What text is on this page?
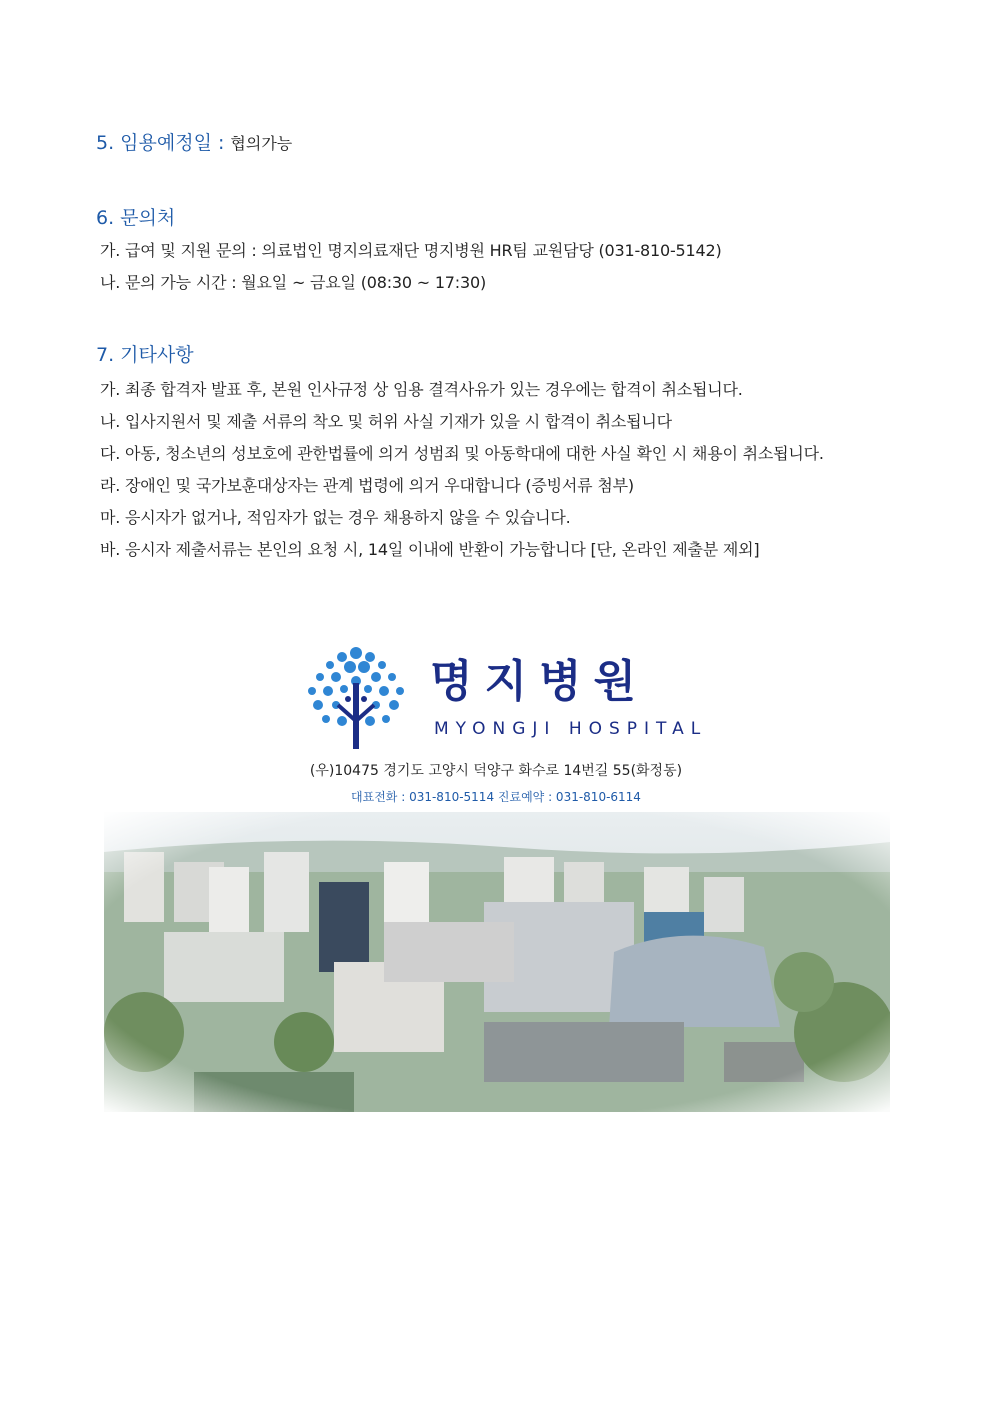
5. 임용예정일 : 협의가능
6. 문의처
가. 급여 및 지원 문의 : 의료법인 명지의료재단 명지병원 HR팀 교원담당 (031-810-5142)
나. 문의 가능 시간 : 월요일 ~ 금요일 (08:30 ~ 17:30)
7. 기타사항
가. 최종 합격자 발표 후, 본원 인사규정 상 임용 결격사유가 있는 경우에는 합격이 취소됩니다.
나. 입사지원서 및 제출 서류의 착오 및 허위 사실 기재가 있을 시 합격이 취소됩니다
다. 아동, 청소년의 성보호에 관한법률에 의거 성범죄 및 아동학대에 대한 사실 확인 시 채용이 취소됩니다.
라. 장애인 및 국가보훈대상자는 관계 법령에 의거 우대합니다 (증빙서류 첨부)
마. 응시자가 없거나, 적임자가 없는 경우 채용하지 않을 수 있습니다.
바. 응시자 제출서류는 본인의 요청 시, 14일 이내에 반환이 가능합니다 [단, 온라인 제출분 제외]
명지병원
MYONGJI HOSPITAL
(우)10475 경기도 고양시 덕양구 화수로 14번길 55(화정동)
대표전화 : 031-810-5114 진료예약 : 031-810-6114
